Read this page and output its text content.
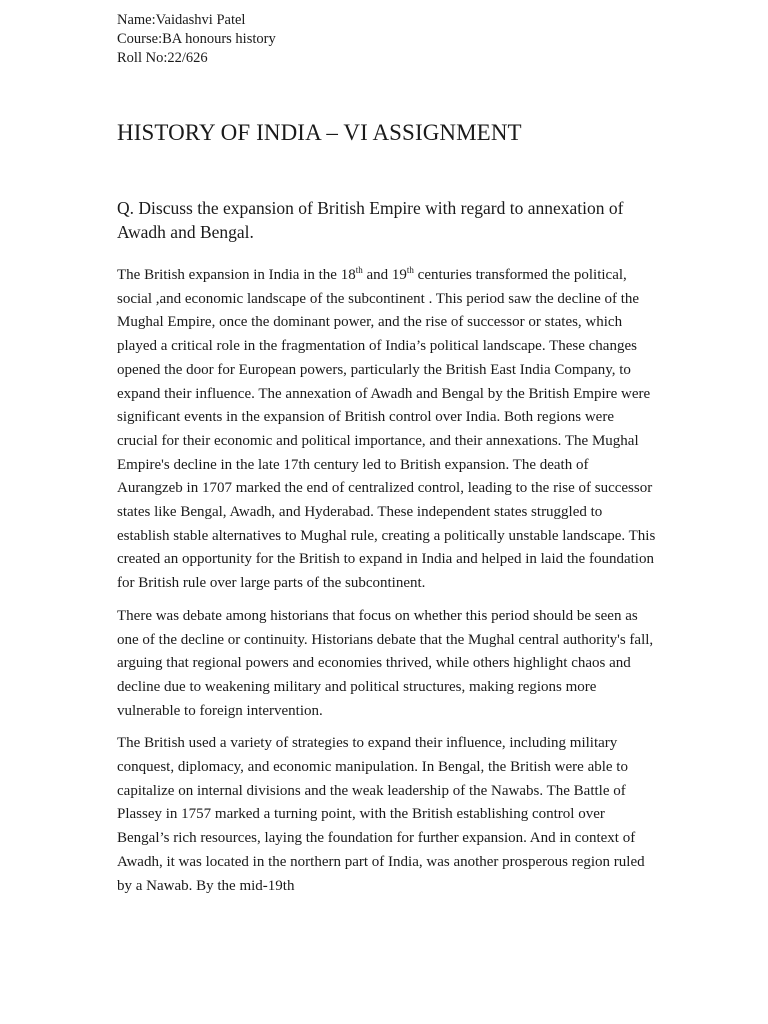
Name:Vaidashvi Patel
Course:BA honours history
Roll No:22/626
HISTORY OF INDIA – VI ASSIGNMENT

Q. Discuss the expansion of British Empire with regard to annexation of Awadh and Bengal.

The British expansion in India in the 18th and 19th centuries transformed the political, social ,and economic landscape of the subcontinent . This period saw the decline of the Mughal Empire, once the dominant power, and the rise of successor or states, which played a critical role in the fragmentation of India’s political landscape. These changes opened the door for European powers, particularly the British East India Company, to expand their influence. The annexation of Awadh and Bengal by the British Empire were significant events in the expansion of British control over India. Both regions were crucial for their economic and political importance, and their annexations. The Mughal Empire's decline in the late 17th century led to British expansion. The death of Aurangzeb in 1707 marked the end of centralized control, leading to the rise of successor states like Bengal, Awadh, and Hyderabad. These independent states struggled to establish stable alternatives to Mughal rule, creating a politically unstable landscape. This created an opportunity for the British to expand in India and helped in laid the foundation for British rule over large parts of the subcontinent.

There was debate among historians that focus on whether this period should be seen as one of the decline or continuity. Historians debate that the Mughal central authority's fall, arguing that regional powers and economies thrived, while others highlight chaos and decline due to weakening military and political structures, making regions more vulnerable to foreign intervention.

The British used a variety of strategies to expand their influence, including military conquest, diplomacy, and economic manipulation. In Bengal, the British were able to capitalize on internal divisions and the weak leadership of the Nawabs. The Battle of Plassey in 1757 marked a turning point, with the British establishing control over Bengal’s rich resources, laying the foundation for further expansion. And in context of Awadh, it was located in the northern part of India, was another prosperous region ruled by a Nawab. By the mid-19th
